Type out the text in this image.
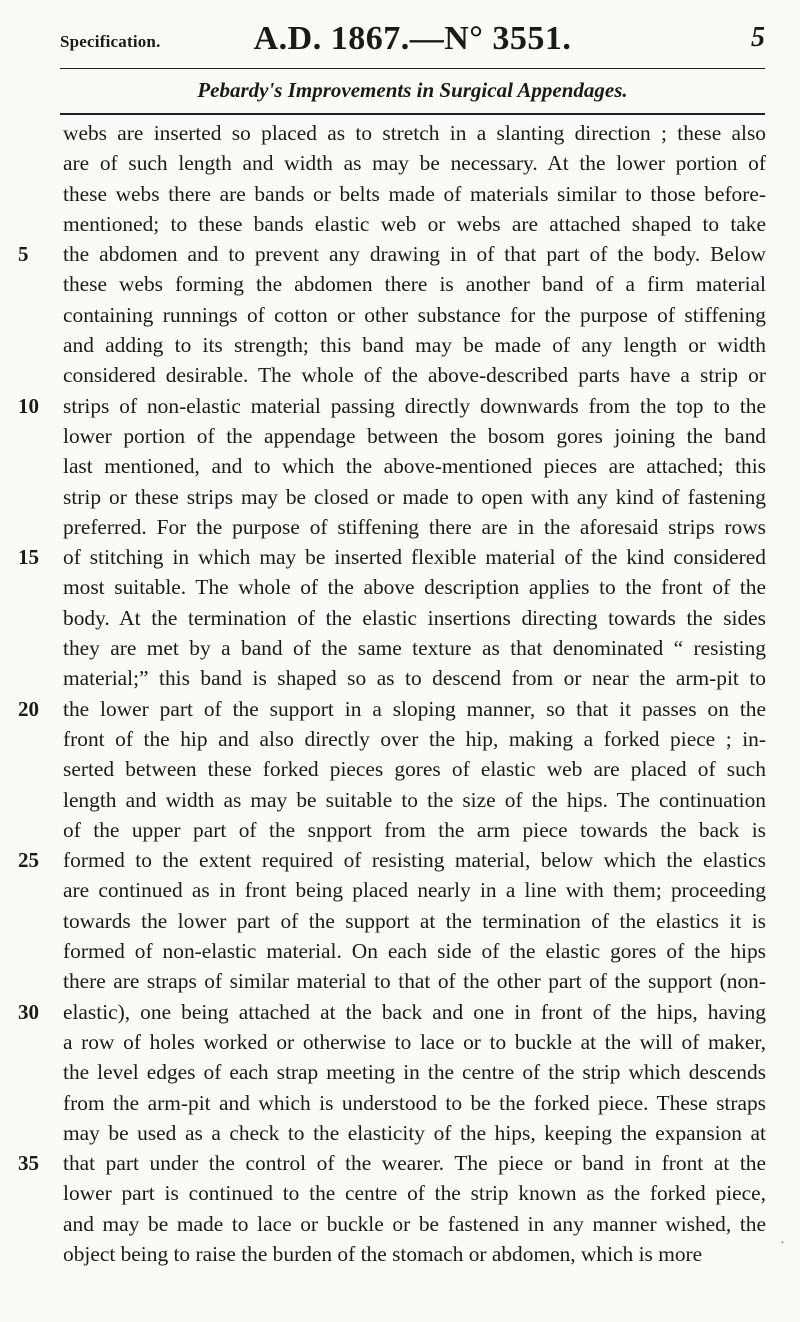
Specification.	A.D. 1867.—N° 3551.	5
Pebardy's Improvements in Surgical Appendages.
webs are inserted so placed as to stretch in a slanting direction ; these also
are of such length and width as may be necessary. At the lower portion of
these webs there are bands or belts made of materials similar to those before-
mentioned; to these bands elastic web or webs are attached shaped to take
5	the abdomen and to prevent any drawing in of that part of the body. Below
these webs forming the abdomen there is another band of a firm material
containing runnings of cotton or other substance for the purpose of stiffening
and adding to its strength; this band may be made of any length or width
considered desirable. The whole of the above-described parts have a strip or
10	strips of non-elastic material passing directly downwards from the top to the
lower portion of the appendage between the bosom gores joining the band
last mentioned, and to which the above-mentioned pieces are attached; this
strip or these strips may be closed or made to open with any kind of fastening
preferred. For the purpose of stiffening there are in the aforesaid strips rows
15	of stitching in which may be inserted flexible material of the kind considered
most suitable. The whole of the above description applies to the front of the
body. At the termination of the elastic insertions directing towards the sides
they are met by a band of the same texture as that denominated “ resisting
material;” this band is shaped so as to descend from or near the arm-pit to
20	the lower part of the support in a sloping manner, so that it passes on the
front of the hip and also directly over the hip, making a forked piece ; in-
serted between these forked pieces gores of elastic web are placed of such
length and width as may be suitable to the size of the hips. The continuation
of the upper part of the snpport from the arm piece towards the back is
25	formed to the extent required of resisting material, below which the elastics
are continued as in front being placed nearly in a line with them; proceeding
towards the lower part of the support at the termination of the elastics it is
formed of non-elastic material. On each side of the elastic gores of the hips
there are straps of similar material to that of the other part of the support (non-
30	elastic), one being attached at the back and one in front of the hips, having
a row of holes worked or otherwise to lace or to buckle at the will of maker,
the level edges of each strap meeting in the centre of the strip which descends
from the arm-pit and which is understood to be the forked piece. These straps
may be used as a check to the elasticity of the hips, keeping the expansion at
35	that part under the control of the wearer. The piece or band in front at the
lower part is continued to the centre of the strip known as the forked piece,
and may be made to lace or buckle or be fastened in any manner wished, the
object being to raise the burden of the stomach or abdomen, which is more	⋅
